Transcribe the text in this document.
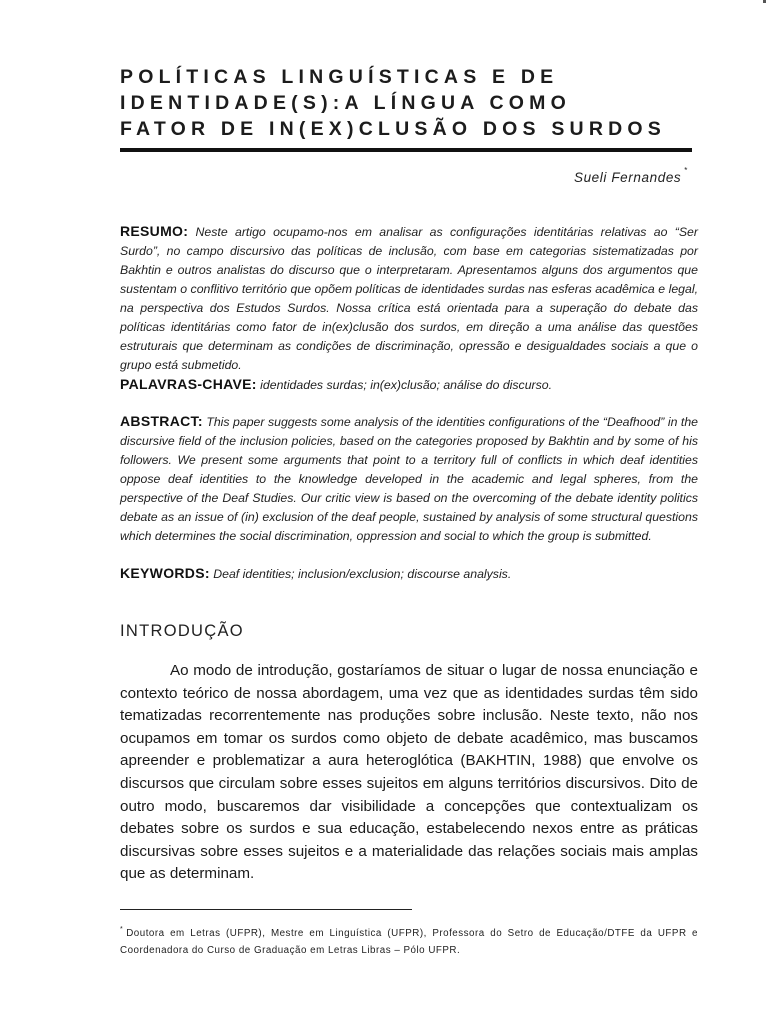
POLÍTICAS LINGUÍSTICAS E DE
IDENTIDADE(S):A LÍNGUA COMO
FATOR DE IN(EX)CLUSÃO DOS SURDOS
Sueli Fernandes *
RESUMO: Neste artigo ocupamo-nos em analisar as configurações identitárias relativas ao “Ser Surdo”, no campo discursivo das políticas de inclusão, com base em categorias sistematizadas por Bakhtin e outros analistas do discurso que o interpretaram. Apresentamos alguns dos argumentos que sustentam o conflitivo território que opõem políticas de identidades surdas nas esferas acadêmica e legal, na perspectiva dos Estudos Surdos. Nossa crítica está orientada para a superação do debate das políticas identitárias como fator de in(ex)clusão dos surdos, em direção a uma análise das questões estruturais que determinam as condições de discriminação, opressão e desigualdades sociais a que o grupo está submetido.
PALAVRAS-CHAVE: identidades surdas; in(ex)clusão; análise do discurso.
ABSTRACT: This paper suggests some analysis of the identities configurations of the “Deafhood” in the discursive field of the inclusion policies, based on the categories proposed by Bakhtin and by some of his followers. We present some arguments that point to a territory full of conflicts in which deaf identities oppose deaf identities to the knowledge developed in the academic and legal spheres, from the perspective of the Deaf Studies. Our critic view is based on the overcoming of the debate identity politics debate as an issue of (in) exclusion of the deaf people, sustained by analysis of some structural questions which determines the social discrimination, oppression and social to which the group is submitted.
KEYWORDS: Deaf identities; inclusion/exclusion; discourse analysis.
INTRODUÇÃO

Ao modo de introdução, gostaríamos de situar o lugar de nossa enunciação e contexto teórico de nossa abordagem, uma vez que as identidades surdas têm sido tematizadas recorrentemente nas produções sobre inclusão. Neste texto, não nos ocupamos em tomar os surdos como objeto de debate acadêmico, mas buscamos apreender e problematizar a aura heteroglótica (BAKHTIN, 1988) que envolve os discursos que circulam sobre esses sujeitos em alguns territórios discursivos. Dito de outro modo, buscaremos dar visibilidade a concepções que contextualizam os debates sobre os surdos e sua educação, estabelecendo nexos entre as práticas discursivas sobre esses sujeitos e a materialidade das relações sociais mais amplas que as determinam.

* Doutora em Letras (UFPR), Mestre em Linguística (UFPR), Professora do Setro de Educação/DTFE da UFPR e Coordenadora do Curso de Graduação em Letras Libras – Pólo UFPR.
